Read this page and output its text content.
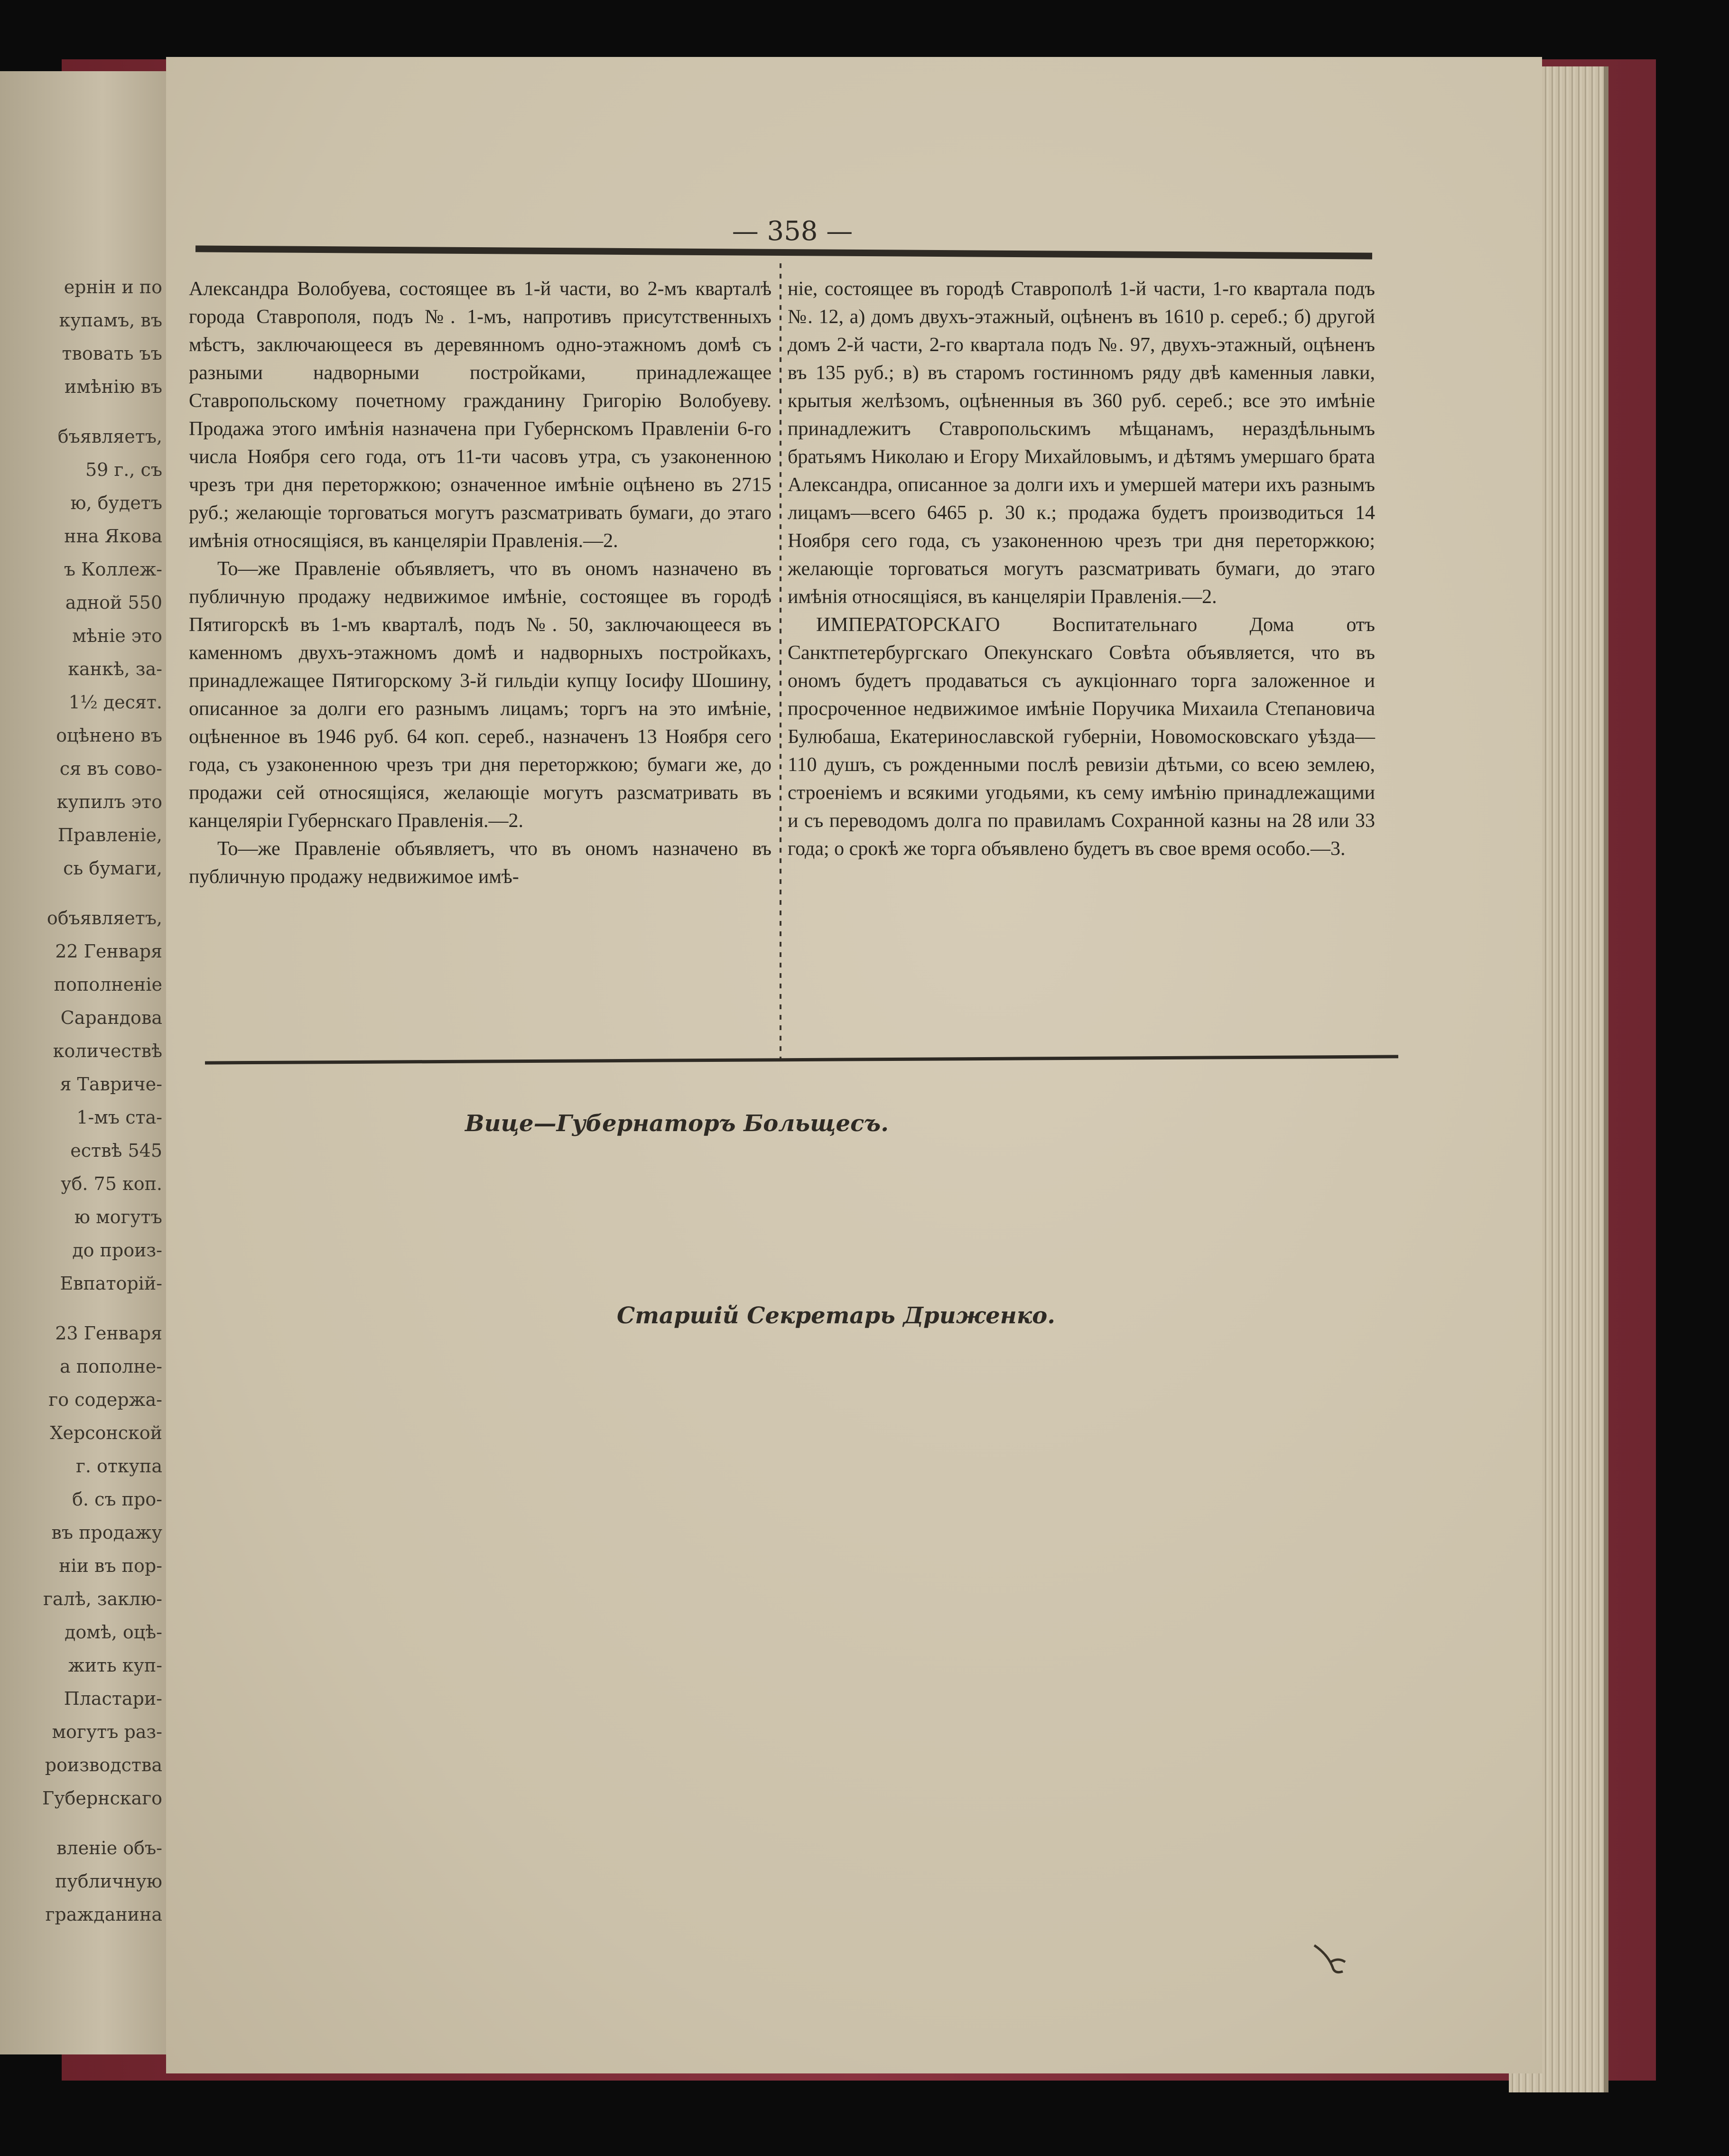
ернін и по
купамъ, въ
твовать ъъ
имѣнію въ
бъявляетъ,
59 г., съ
ю, будетъ
нна Якова
ъ Коллеж-
адной 550
мѣніе это
канкѣ, за-
1½ десят.
оцѣнено въ
ся въ сово-
купилъ это
Правленіе,
сь бумаги,
объявляетъ,
22 Генваря
пополненіе
Сарандова
количествѣ
я Тавриче-
1-мъ ста-
ествѣ 545
уб. 75 коп.
ю могутъ
до произ-
Евпаторій-
23 Генваря
а пополне-
го содержа-
Херсонской
г. откупа
б. съ про-
въ продажу
ніи въ пор-
галѣ, заклю-
домѣ, оцѣ-
жить куп-
Пластари-
могутъ раз-
роизводства
Губернскаго
вленіе объ-
публичную
гражданина
— 358 —

Александра Волобуева, состоящее въ 1-й части, во 2-мъ кварталѣ города Ставрополя, подъ №. 1-мъ, напротивъ присутственныхъ мѣстъ, заключающееся въ деревянномъ одно-этажномъ домѣ съ разными надворными постройками, принадлежащее Ставропольскому почетному гражданину Григорію Волобуеву. Продажа этого имѣнія назначена при Губернскомъ Правленіи 6-го числа Ноября сего года, отъ 11-ти часовъ утра, съ узаконенною чрезъ три дня переторжкою; означенное имѣніе оцѣнено въ 2715 руб.; желающіе торговаться могутъ разсматривать бумаги, до этаго имѣнія относящіяся, въ канцеляріи Правленія.—2.

То—же Правленіе объявляетъ, что въ ономъ назначено въ публичную продажу недвижимое имѣніе, состоящее въ городѣ Пятигорскѣ въ 1-мъ кварталѣ, подъ №. 50, заключающееся въ каменномъ двухъ-этажномъ домѣ и надворныхъ постройкахъ, принадлежащее Пятигорскому 3-й гильдіи купцу Іосифу Шошину, описанное за долги его разнымъ лицамъ; торгъ на это имѣніе, оцѣненное въ 1946 руб. 64 коп. сереб., назначенъ 13 Ноября сего года, съ узаконенною чрезъ три дня переторжкою; бумаги же, до продажи сей относящіяся, желающіе могутъ разсматривать въ канцеляріи Губернскаго Правленія.—2.

То—же Правленіе объявляетъ, что въ ономъ назначено въ публичную продажу недвижимое имѣ-

ніе, состоящее въ городѣ Ставрополѣ 1-й части, 1-го квартала подъ №. 12, а) домъ двухъ-этажный, оцѣненъ въ 1610 р. сереб.; б) другой домъ 2-й части, 2-го квартала подъ №. 97, двухъ-этажный, оцѣненъ въ 135 руб.; в) въ старомъ гостинномъ ряду двѣ каменныя лавки, крытыя желѣзомъ, оцѣненныя въ 360 руб. сереб.; все это имѣніе принадлежитъ Ставропольскимъ мѣщанамъ, нераздѣльнымъ братьямъ Николаю и Егору Михайловымъ, и дѣтямъ умершаго брата Александра, описанное за долги ихъ и умершей матери ихъ разнымъ лицамъ—всего 6465 р. 30 к.; продажа будетъ производиться 14 Ноября сего года, съ узаконенною чрезъ три дня переторжкою; желающіе торговаться могутъ разсматривать бумаги, до этаго имѣнія относящіяся, въ канцеляріи Правленія.—2.

ИМПЕРАТОРСКАГО Воспитательнаго Дома отъ Санктпетербургскаго Опекунскаго Совѣта объявляется, что въ ономъ будетъ продаваться съ аукціоннаго торга заложенное и просроченное недвижимое имѣніе Поручика Михаила Степановича Булюбаша, Екатеринославской губерніи, Новомосковскаго уѣзда—110 душъ, съ рожденными послѣ ревизіи дѣтьми, со всею землею, строеніемъ и всякими угодьями, къ сему имѣнію принадлежащими и съ переводомъ долга по правиламъ Сохранной казны на 28 или 33 года; о срокѣ же торга объявлено будетъ въ свое время особо.—3.

Вице—Губернаторъ Больщесъ.
Старшій Секретарь Дриженко.
